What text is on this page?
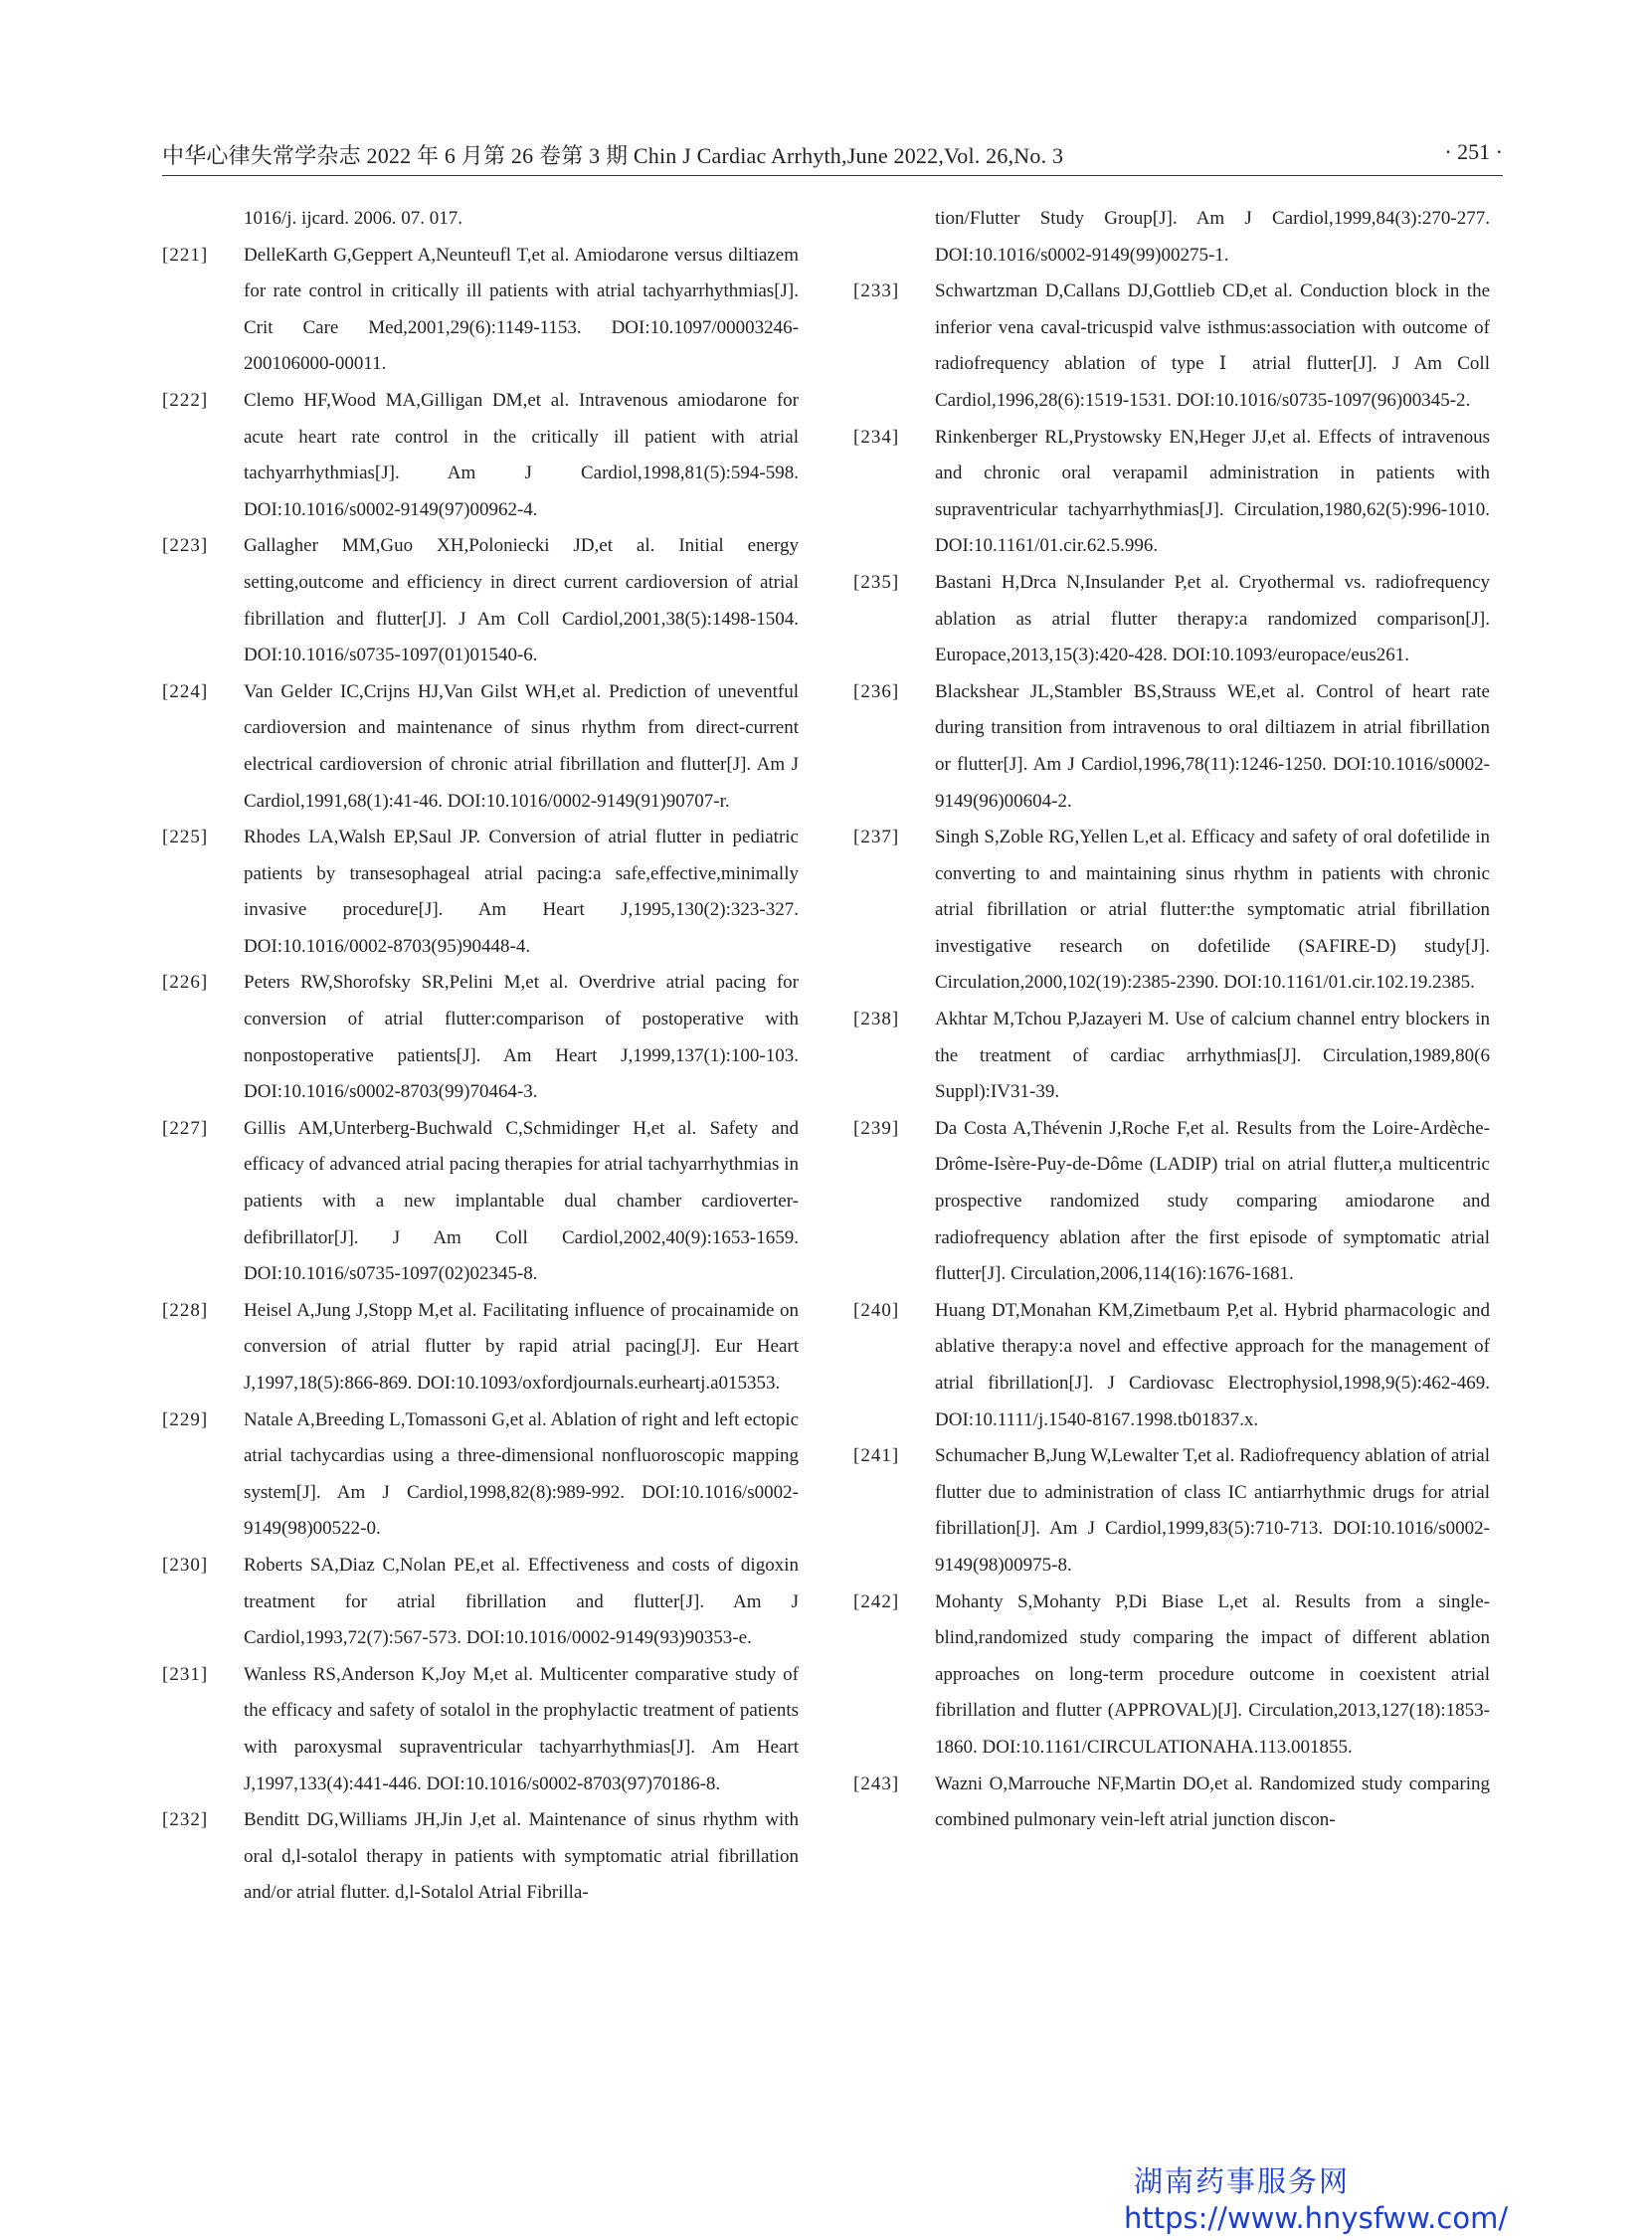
中华心律失常学杂志 2022 年 6 月第 26 卷第 3 期 Chin J Cardiac Arrhyth,June 2022,Vol. 26,No. 3	· 251 ·
1016/j. ijcard. 2006. 07. 017.
[221] DelleKarth G,Geppert A,Neunteufl T,et al. Amiodarone versus diltiazem for rate control in critically ill patients with atrial tachyarrhythmias[J]. Crit Care Med,2001,29(6):1149-1153. DOI:10.1097/00003246-200106000-00011.
[222] Clemo HF,Wood MA,Gilligan DM,et al. Intravenous amiodarone for acute heart rate control in the critically ill patient with atrial tachyarrhythmias[J]. Am J Cardiol,1998,81(5):594-598. DOI:10.1016/s0002-9149(97)00962-4.
[223] Gallagher MM,Guo XH,Poloniecki JD,et al. Initial energy setting,outcome and efficiency in direct current cardioversion of atrial fibrillation and flutter[J]. J Am Coll Cardiol,2001,38(5):1498-1504. DOI:10.1016/s0735-1097(01)01540-6.
[224] Van Gelder IC,Crijns HJ,Van Gilst WH,et al. Prediction of uneventful cardioversion and maintenance of sinus rhythm from direct-current electrical cardioversion of chronic atrial fibrillation and flutter[J]. Am J Cardiol,1991,68(1):41-46. DOI:10.1016/0002-9149(91)90707-r.
[225] Rhodes LA,Walsh EP,Saul JP. Conversion of atrial flutter in pediatric patients by transesophageal atrial pacing:a safe,effective,minimally invasive procedure[J]. Am Heart J,1995,130(2):323-327. DOI:10.1016/0002-8703(95)90448-4.
[226] Peters RW,Shorofsky SR,Pelini M,et al. Overdrive atrial pacing for conversion of atrial flutter:comparison of postoperative with nonpostoperative patients[J]. Am Heart J,1999,137(1):100-103. DOI:10.1016/s0002-8703(99)70464-3.
[227] Gillis AM,Unterberg-Buchwald C,Schmidinger H,et al. Safety and efficacy of advanced atrial pacing therapies for atrial tachyarrhythmias in patients with a new implantable dual chamber cardioverter-defibrillator[J]. J Am Coll Cardiol,2002,40(9):1653-1659. DOI:10.1016/s0735-1097(02)02345-8.
[228] Heisel A,Jung J,Stopp M,et al. Facilitating influence of procainamide on conversion of atrial flutter by rapid atrial pacing[J]. Eur Heart J,1997,18(5):866-869. DOI:10.1093/oxfordjournals.eurheartj.a015353.
[229] Natale A,Breeding L,Tomassoni G,et al. Ablation of right and left ectopic atrial tachycardias using a three-dimensional nonfluoroscopic mapping system[J]. Am J Cardiol,1998,82(8):989-992. DOI:10.1016/s0002-9149(98)00522-0.
[230] Roberts SA,Diaz C,Nolan PE,et al. Effectiveness and costs of digoxin treatment for atrial fibrillation and flutter[J]. Am J Cardiol,1993,72(7):567-573. DOI:10.1016/0002-9149(93)90353-e.
[231] Wanless RS,Anderson K,Joy M,et al. Multicenter comparative study of the efficacy and safety of sotalol in the prophylactic treatment of patients with paroxysmal supraventricular tachyarrhythmias[J]. Am Heart J,1997,133(4):441-446. DOI:10.1016/s0002-8703(97)70186-8.
[232] Benditt DG,Williams JH,Jin J,et al. Maintenance of sinus rhythm with oral d,l-sotalol therapy in patients with symptomatic atrial fibrillation and/or atrial flutter. d,l-Sotalol Atrial Fibrilla-
tion/Flutter Study Group[J]. Am J Cardiol,1999,84(3):270-277. DOI:10.1016/s0002-9149(99)00275-1.
[233] Schwartzman D,Callans DJ,Gottlieb CD,et al. Conduction block in the inferior vena caval-tricuspid valve isthmus:association with outcome of radiofrequency ablation of type Ⅰ atrial flutter[J]. J Am Coll Cardiol,1996,28(6):1519-1531. DOI:10.1016/s0735-1097(96)00345-2.
[234] Rinkenberger RL,Prystowsky EN,Heger JJ,et al. Effects of intravenous and chronic oral verapamil administration in patients with supraventricular tachyarrhythmias[J]. Circulation,1980,62(5):996-1010. DOI:10.1161/01.cir.62.5.996.
[235] Bastani H,Drca N,Insulander P,et al. Cryothermal vs. radiofrequency ablation as atrial flutter therapy:a randomized comparison[J]. Europace,2013,15(3):420-428. DOI:10.1093/europace/eus261.
[236] Blackshear JL,Stambler BS,Strauss WE,et al. Control of heart rate during transition from intravenous to oral diltiazem in atrial fibrillation or flutter[J]. Am J Cardiol,1996,78(11):1246-1250. DOI:10.1016/s0002-9149(96)00604-2.
[237] Singh S,Zoble RG,Yellen L,et al. Efficacy and safety of oral dofetilide in converting to and maintaining sinus rhythm in patients with chronic atrial fibrillation or atrial flutter:the symptomatic atrial fibrillation investigative research on dofetilide (SAFIRE-D) study[J]. Circulation,2000,102(19):2385-2390. DOI:10.1161/01.cir.102.19.2385.
[238] Akhtar M,Tchou P,Jazayeri M. Use of calcium channel entry blockers in the treatment of cardiac arrhythmias[J]. Circulation,1989,80(6 Suppl):IV31-39.
[239] Da Costa A,Thévenin J,Roche F,et al. Results from the Loire-Ardèche-Drôme-Isère-Puy-de-Dôme (LADIP) trial on atrial flutter,a multicentric prospective randomized study comparing amiodarone and radiofrequency ablation after the first episode of symptomatic atrial flutter[J]. Circulation,2006,114(16):1676-1681.
[240] Huang DT,Monahan KM,Zimetbaum P,et al. Hybrid pharmacologic and ablative therapy:a novel and effective approach for the management of atrial fibrillation[J]. J Cardiovasc Electrophysiol,1998,9(5):462-469. DOI:10.1111/j.1540-8167.1998.tb01837.x.
[241] Schumacher B,Jung W,Lewalter T,et al. Radiofrequency ablation of atrial flutter due to administration of class IC antiarrhythmic drugs for atrial fibrillation[J]. Am J Cardiol,1999,83(5):710-713. DOI:10.1016/s0002-9149(98)00975-8.
[242] Mohanty S,Mohanty P,Di Biase L,et al. Results from a single-blind,randomized study comparing the impact of different ablation approaches on long-term procedure outcome in coexistent atrial fibrillation and flutter (APPROVAL)[J]. Circulation,2013,127(18):1853-1860. DOI:10.1161/CIRCULATIONAHA.113.001855.
[243] Wazni O,Marrouche NF,Martin DO,et al. Randomized study comparing combined pulmonary vein-left atrial junction discon-
湖南药事服务网
https://www.hnysfww.com/
